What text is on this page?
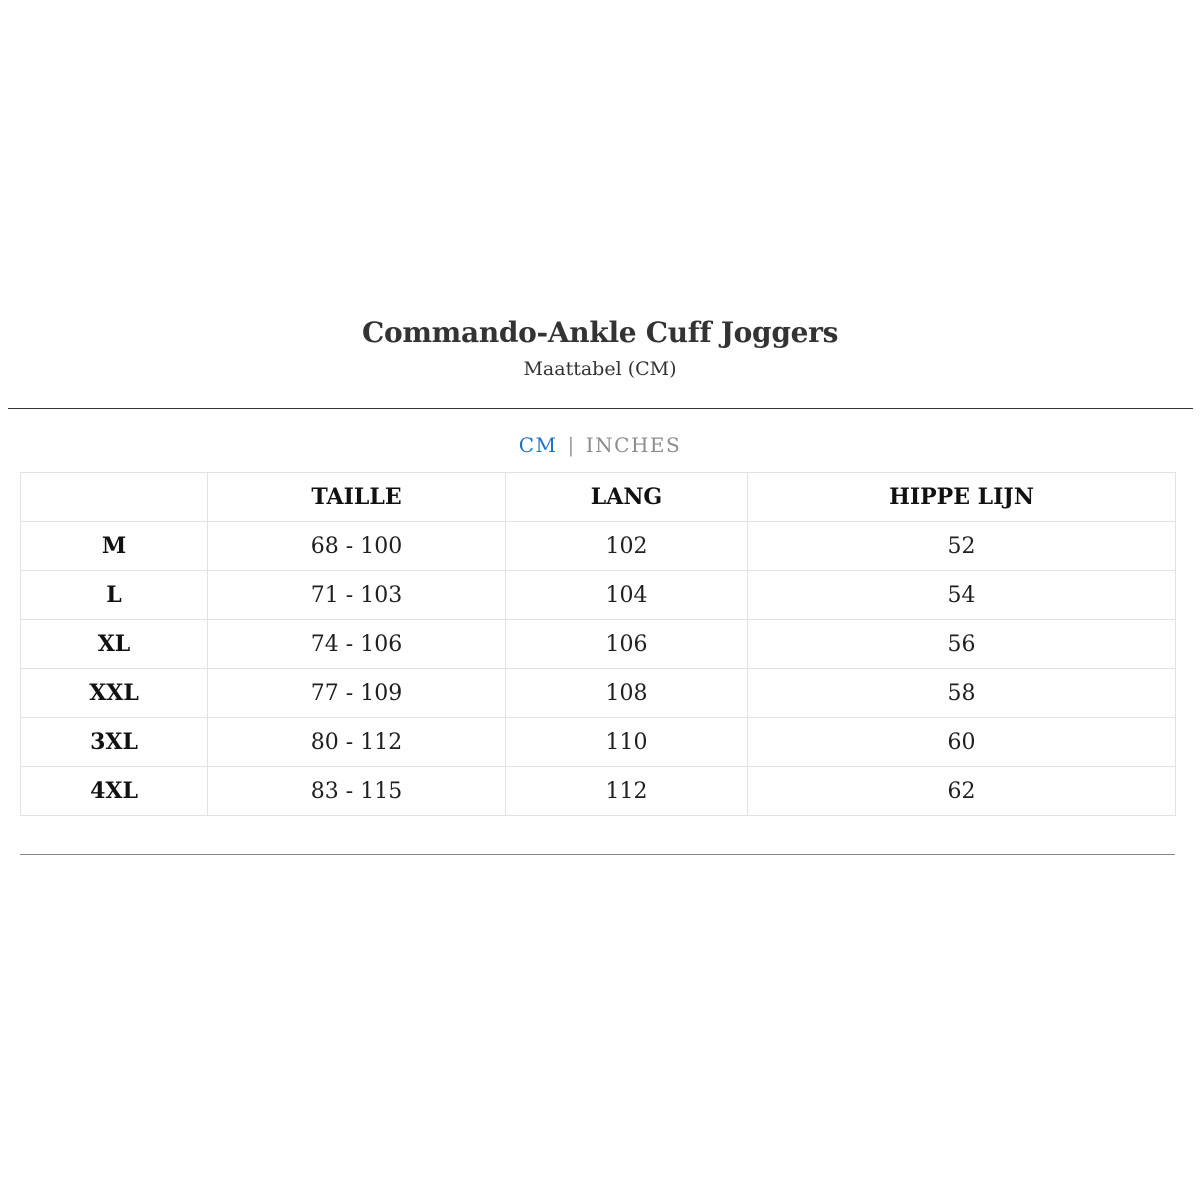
Commando-Ankle Cuff Joggers
Maattabel (CM)
CM | INCHES
	TAILLE	LANG	HIPPE LIJN
M	68 - 100	102	52
L	71 - 103	104	54
XL	74 - 106	106	56
XXL	77 - 109	108	58
3XL	80 - 112	110	60
4XL	83 - 115	112	62
